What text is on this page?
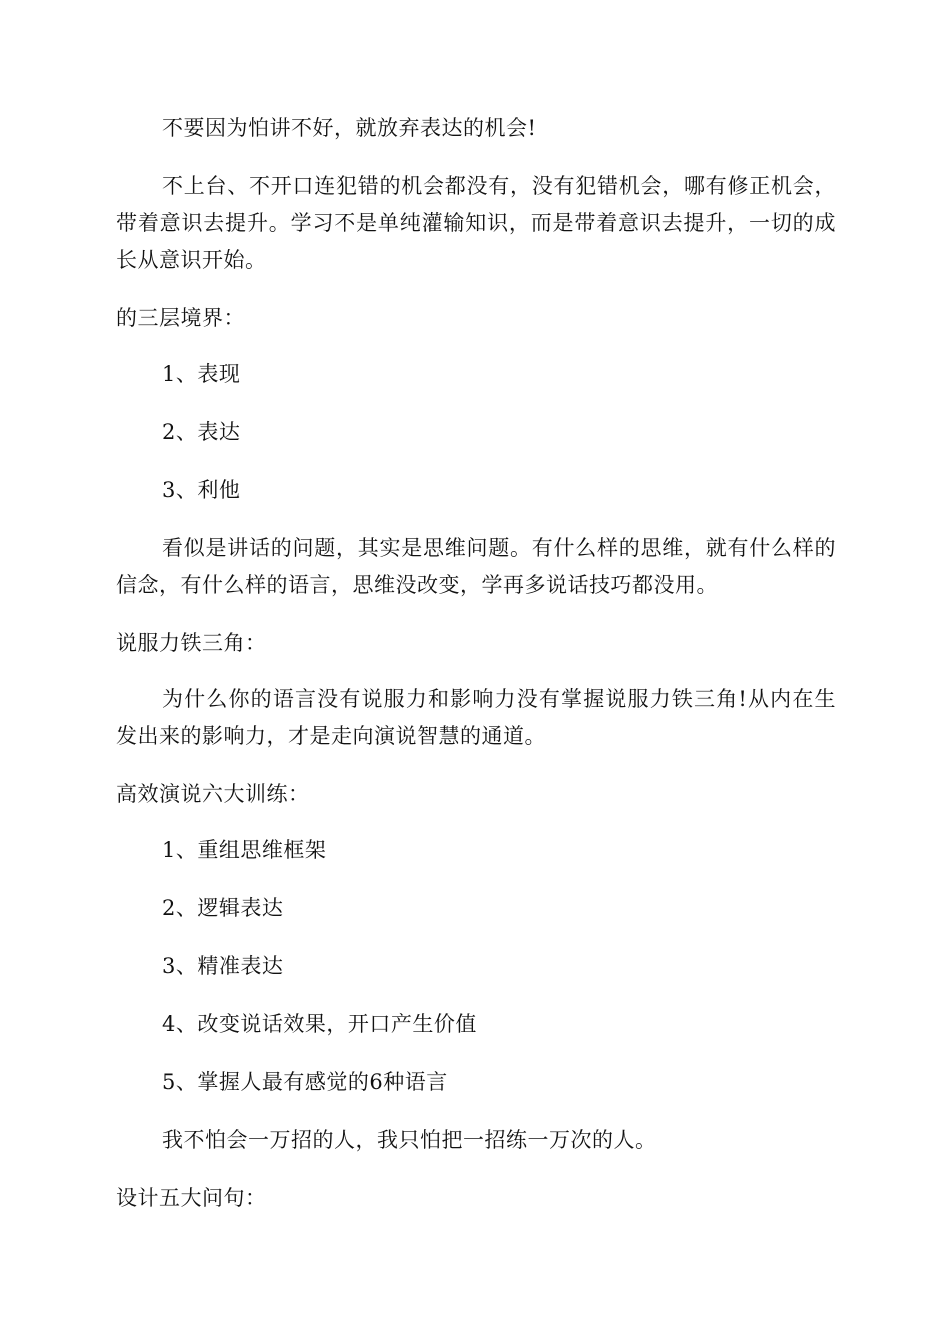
不要因为怕讲不好，就放弃表达的机会!

不上台、不开口连犯错的机会都没有，没有犯错机会，哪有修正机会，带着意识去提升。学习不是单纯灌输知识，而是带着意识去提升，一切的成长从意识开始。

的三层境界：

1、表现

2、表达

3、利他

看似是讲话的问题，其实是思维问题。有什么样的思维，就有什么样的信念，有什么样的语言，思维没改变，学再多说话技巧都没用。

说服力铁三角：

为什么你的语言没有说服力和影响力没有掌握说服力铁三角!从内在生发出来的影响力，才是走向演说智慧的通道。

高效演说六大训练：

1、重组思维框架

2、逻辑表达

3、精准表达

4、改变说话效果，开口产生价值

5、掌握人最有感觉的6种语言

我不怕会一万招的人，我只怕把一招练一万次的人。

设计五大问句：
